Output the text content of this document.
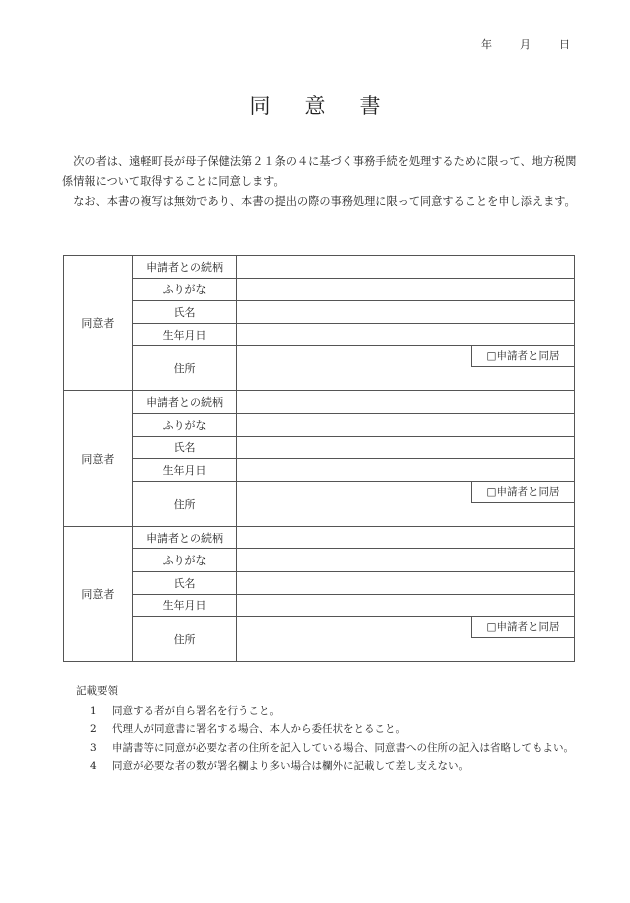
年	月	日
同意書

次の者は、遠軽町長が母子保健法第２１条の４に基づく事務手続を処理するために限って、地方税関係情報について取得することに同意します。

なお、本書の複写は無効であり、本書の提出の際の事務処理に限って同意することを申し添えます。

同意者	申請者との続柄	
	ふりがな	
	氏名	
	生年月日	
	住所	□申請者と同居

同意者	申請者との続柄	
	ふりがな	
	氏名	
	生年月日	
	住所	□申請者と同居

同意者	申請者との続柄	
	ふりがな	
	氏名	
	生年月日	
	住所	□申請者と同居
記載要領
1	同意する者が自ら署名を行うこと。
2	代理人が同意書に署名する場合、本人から委任状をとること。
3	申請書等に同意が必要な者の住所を記入している場合、同意書への住所の記入は省略してもよい。
4	同意が必要な者の数が署名欄より多い場合は欄外に記載して差し支えない。
